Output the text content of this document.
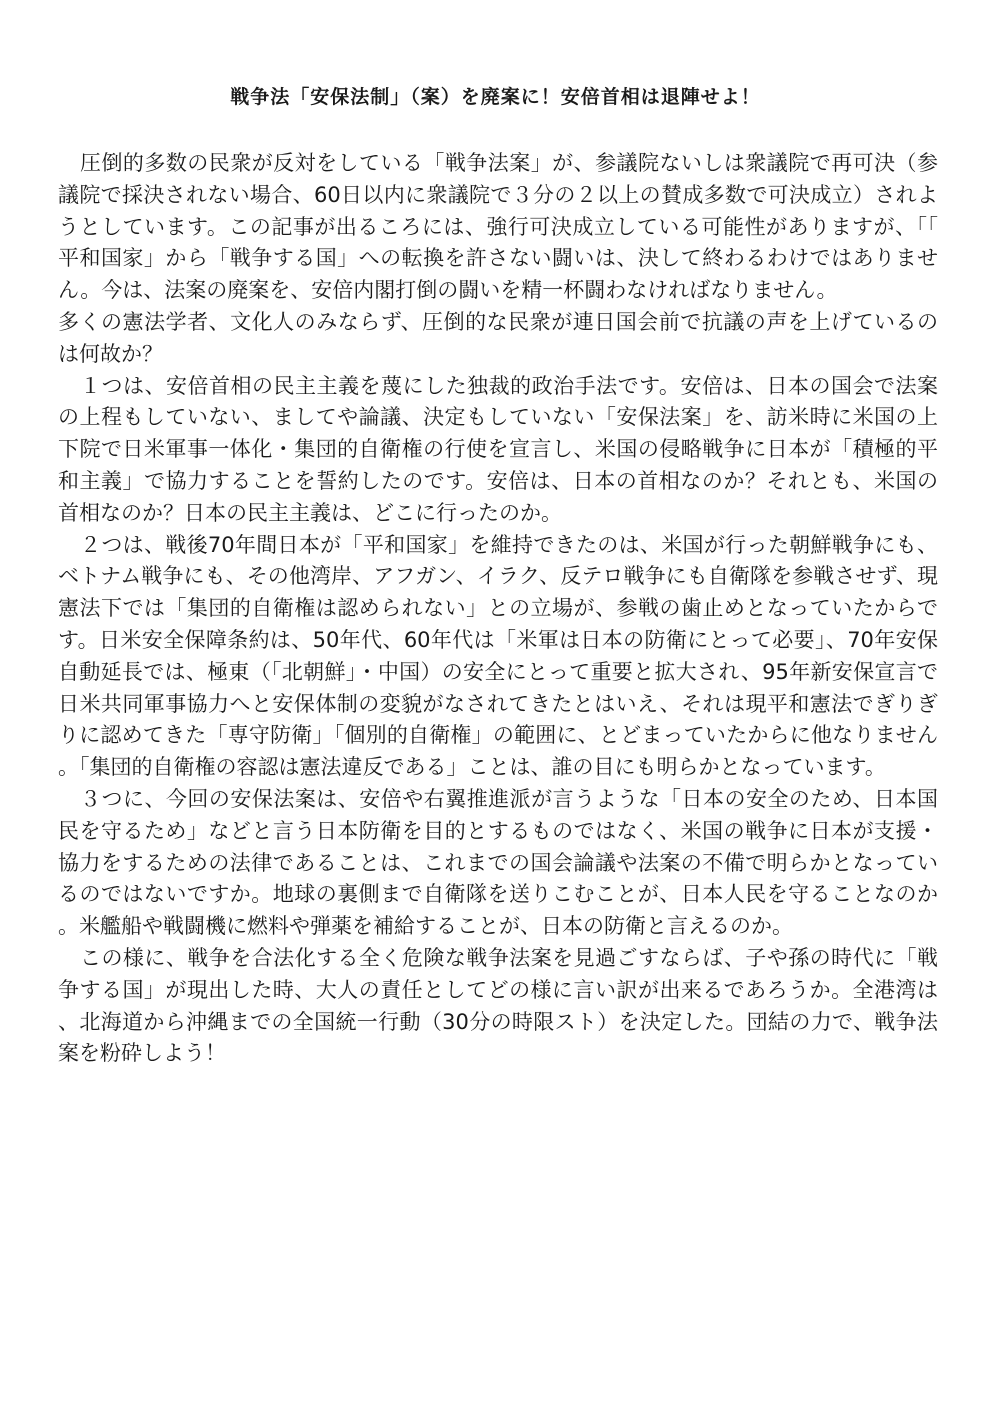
戦争法「安保法制」（案）を廃案に！安倍首相は退陣せよ！

圧倒的多数の民衆が反対をしている「戦争法案」が、参議院ないしは衆議院で再可決（参議院で採決されない場合、60日以内に衆議院で３分の２以上の賛成多数で可決成立）されようとしています。この記事が出るころには、強行可決成立している可能性がありますが、「「平和国家」から「戦争する国」への転換を許さない闘いは、決して終わるわけではありません。今は、法案の廃案を、安倍内閣打倒の闘いを精一杯闘わなければなりません。

多くの憲法学者、文化人のみならず、圧倒的な民衆が連日国会前で抗議の声を上げているのは何故か？

１つは、安倍首相の民主主義を蔑にした独裁的政治手法です。安倍は、日本の国会で法案の上程もしていない、ましてや論議、決定もしていない「安保法案」を、訪米時に米国の上下院で日米軍事一体化・集団的自衛権の行使を宣言し、米国の侵略戦争に日本が「積極的平和主義」で協力することを誓約したのです。安倍は、日本の首相なのか？それとも、米国の首相なのか？日本の民主主義は、どこに行ったのか。

２つは、戦後70年間日本が「平和国家」を維持できたのは、米国が行った朝鮮戦争にも、ベトナム戦争にも、その他湾岸、アフガン、イラク、反テロ戦争にも自衛隊を参戦させず、現憲法下では「集団的自衛権は認められない」との立場が、参戦の歯止めとなっていたからです。日米安全保障条約は、50年代、60年代は「米軍は日本の防衛にとって必要」、70年安保自動延長では、極東（「北朝鮮」・中国）の安全にとって重要と拡大され、95年新安保宣言で日米共同軍事協力へと安保体制の変貌がなされてきたとはいえ、それは現平和憲法でぎりぎりに認めてきた「専守防衛」「個別的自衛権」の範囲に、とどまっていたからに他なりません。「集団的自衛権の容認は憲法違反である」ことは、誰の目にも明らかとなっています。

３つに、今回の安保法案は、安倍や右翼推進派が言うような「日本の安全のため、日本国民を守るため」などと言う日本防衛を目的とするものではなく、米国の戦争に日本が支援・協力をするための法律であることは、これまでの国会論議や法案の不備で明らかとなっているのではないですか。地球の裏側まで自衛隊を送りこむことが、日本人民を守ることなのか。米艦船や戦闘機に燃料や弾薬を補給することが、日本の防衛と言えるのか。

この様に、戦争を合法化する全く危険な戦争法案を見過ごすならば、子や孫の時代に「戦争する国」が現出した時、大人の責任としてどの様に言い訳が出来るであろうか。全港湾は、北海道から沖縄までの全国統一行動（30分の時限スト）を決定した。団結の力で、戦争法案を粉砕しよう！
